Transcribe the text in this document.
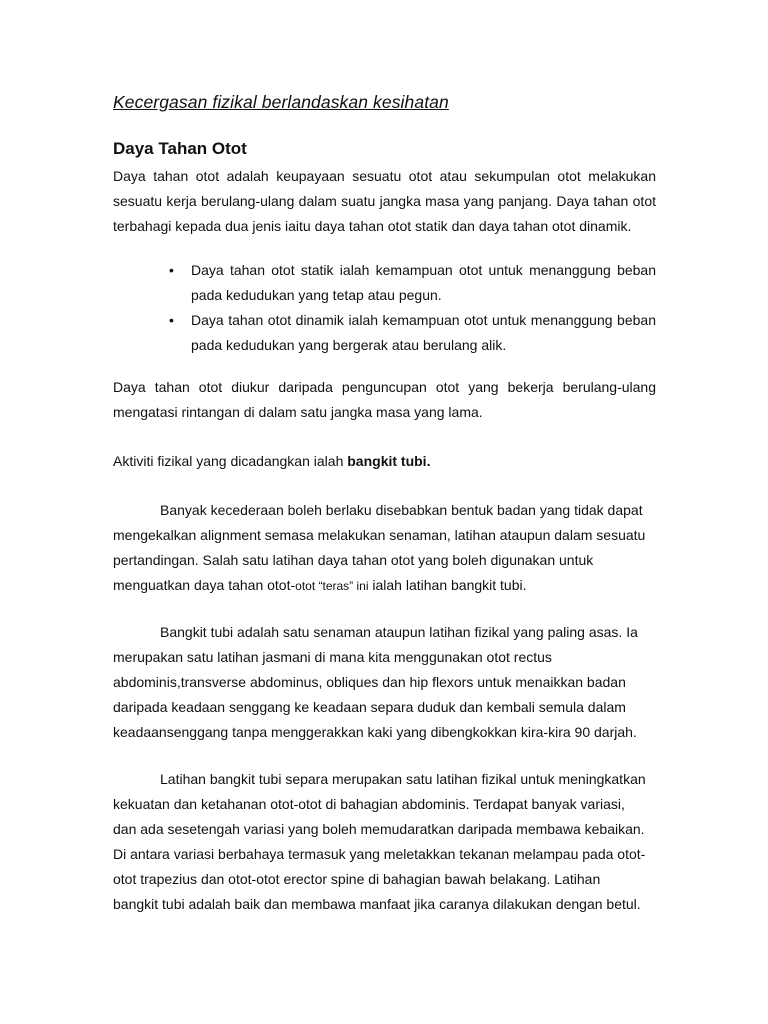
Kecergasan fizikal berlandaskan kesihatan
Daya Tahan Otot

Daya tahan otot adalah keupayaan sesuatu otot atau sekumpulan otot melakukan sesuatu kerja berulang-ulang dalam suatu jangka masa yang panjang. Daya tahan otot terbahagi kepada dua jenis iaitu daya tahan otot statik dan daya tahan otot dinamik.

• Daya tahan otot statik ialah kemampuan otot untuk menanggung beban pada kedudukan yang tetap atau pegun.
• Daya tahan otot dinamik ialah kemampuan otot untuk menanggung beban pada kedudukan yang bergerak atau berulang alik.

Daya tahan otot diukur daripada penguncupan otot yang bekerja berulang-ulang mengatasi rintangan di dalam satu jangka masa yang lama.

Aktiviti fizikal yang dicadangkan ialah bangkit tubi.

Banyak kecederaan boleh berlaku disebabkan bentuk badan yang tidak dapat mengekalkan alignment semasa melakukan senaman, latihan ataupun dalam sesuatu pertandingan. Salah satu latihan daya tahan otot yang boleh digunakan untuk menguatkan daya tahan otot-otot “teras” ini ialah latihan bangkit tubi.

Bangkit tubi adalah satu senaman ataupun latihan fizikal yang paling asas. Ia merupakan satu latihan jasmani di mana kita menggunakan otot rectus abdominis,transverse abdominus, obliques dan hip flexors untuk menaikkan badan daripada keadaan senggang ke keadaan separa duduk dan kembali semula dalam keadaansenggang tanpa menggerakkan kaki yang dibengkokkan kira-kira 90 darjah.

Latihan bangkit tubi separa merupakan satu latihan fizikal untuk meningkatkan kekuatan dan ketahanan otot-otot di bahagian abdominis. Terdapat banyak variasi, dan ada sesetengah variasi yang boleh memudaratkan daripada membawa kebaikan. Di antara variasi berbahaya termasuk yang meletakkan tekanan melampau pada otot-otot trapezius dan otot-otot erector spine di bahagian bawah belakang. Latihan bangkit tubi adalah baik dan membawa manfaat jika caranya dilakukan dengan betul.
